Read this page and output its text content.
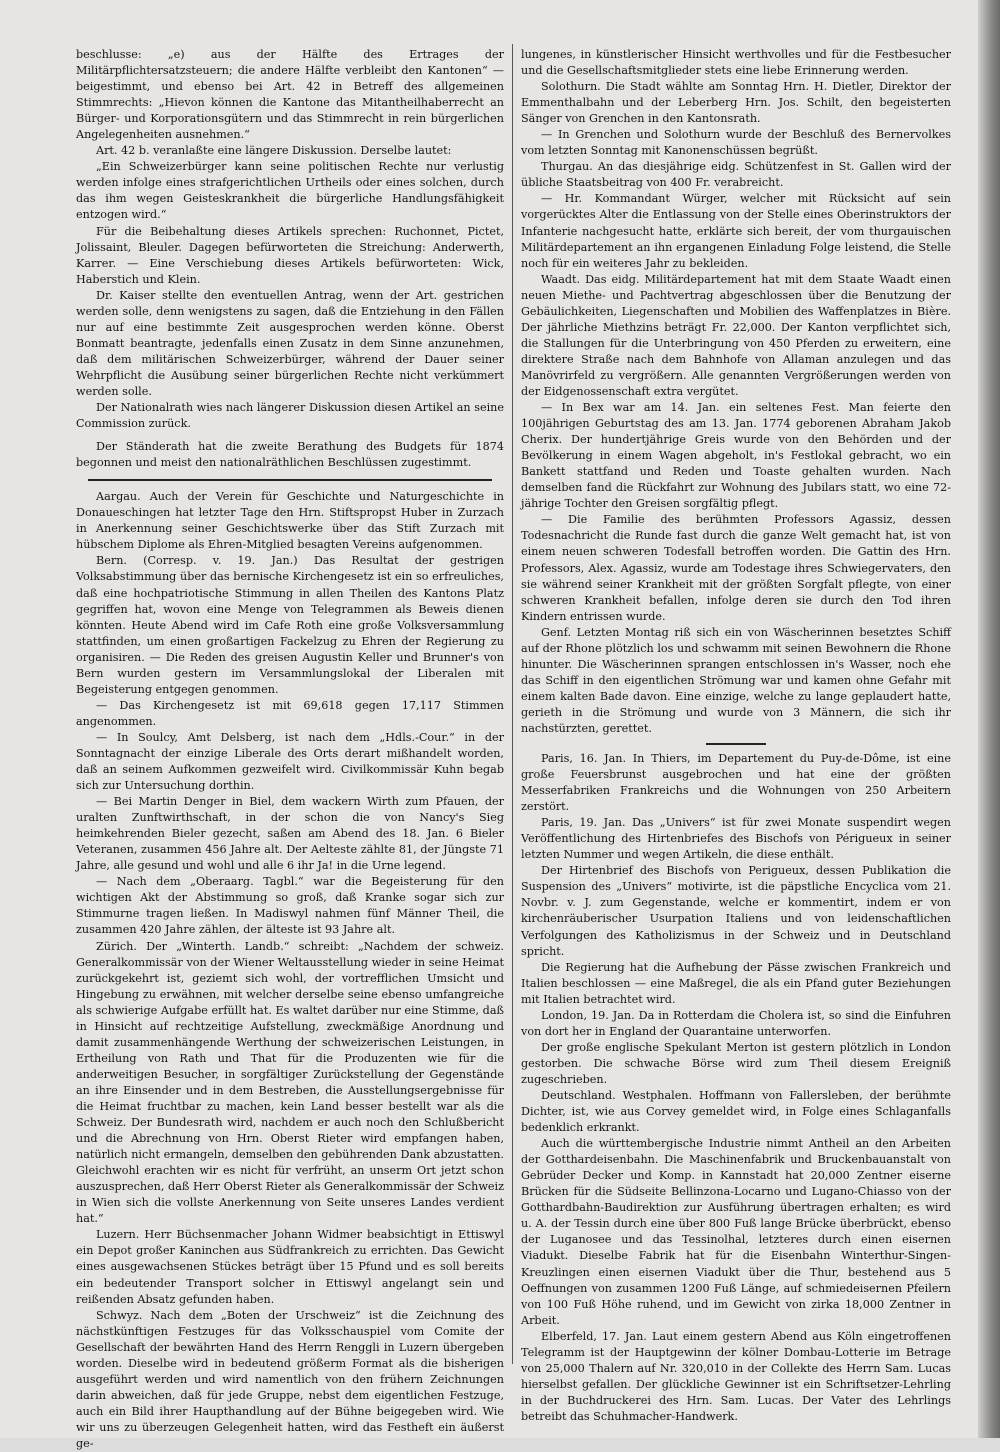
beschlusse: „e) aus der Hälfte des Ertrages der Militärpflichtersatzsteuern; die andere Hälfte verbleibt den Kantonen“ — beigestimmt, und ebenso bei Art. 42 in Betreff des allgemeinen Stimmrechts: „Hievon können die Kantone das Mitantheilhaberrecht an Bürger- und Korporationsgütern und das Stimmrecht in rein bürgerlichen Angelegenheiten ausnehmen.“

Art. 42 b. veranlaßte eine längere Diskussion. Derselbe lautet:

„Ein Schweizerbürger kann seine politischen Rechte nur verlustig werden infolge eines strafgerichtlichen Urtheils oder eines solchen, durch das ihm wegen Geisteskrankheit die bürgerliche Handlungsfähigkeit entzogen wird.“

Für die Beibehaltung dieses Artikels sprechen: Ruchonnet, Pictet, Jolissaint, Bleuler. Dagegen befürworteten die Streichung: Anderwerth, Karrer. — Eine Verschiebung dieses Artikels befürworteten: Wick, Haberstich und Klein.

Dr. Kaiser stellte den eventuellen Antrag, wenn der Art. gestrichen werden solle, denn wenigstens zu sagen, daß die Entziehung in den Fällen nur auf eine bestimmte Zeit ausgesprochen werden könne. Oberst Bonmatt beantragte, jedenfalls einen Zusatz in dem Sinne anzunehmen, daß dem militärischen Schweizerbürger, während der Dauer seiner Wehrpflicht die Ausübung seiner bürgerlichen Rechte nicht verkümmert werden solle.

Der Nationalrath wies nach längerer Diskussion diesen Artikel an seine Commission zurück.

Der Ständerath hat die zweite Berathung des Budgets für 1874 begonnen und meist den nationalräthlichen Beschlüssen zugestimmt.

Aargau. Auch der Verein für Geschichte und Naturgeschichte in Donaueschingen hat letzter Tage den Hrn. Stiftspropst Huber in Zurzach in Anerkennung seiner Geschichtswerke über das Stift Zurzach mit hübschem Diplome als Ehren-Mitglied besagten Vereins aufgenommen.

Bern. (Corresp. v. 19. Jan.) Das Resultat der gestrigen Volksabstimmung über das bernische Kirchengesetz ist ein so erfreuliches, daß eine hochpatriotische Stimmung in allen Theilen des Kantons Platz gegriffen hat, wovon eine Menge von Telegrammen als Beweis dienen könnten. Heute Abend wird im Cafe Roth eine große Volksversammlung stattfinden, um einen großartigen Fackelzug zu Ehren der Regierung zu organisiren. — Die Reden des greisen Augustin Keller und Brunner's von Bern wurden gestern im Versammlungslokal der Liberalen mit Begeisterung entgegen genommen.

— Das Kirchengesetz ist mit 69,618 gegen 17,117 Stimmen angenommen.

— In Soulcy, Amt Delsberg, ist nach dem „Hdls.-Cour.“ in der Sonntagnacht der einzige Liberale des Orts derart mißhandelt worden, daß an seinem Aufkommen gezweifelt wird. Civilkommissär Kuhn begab sich zur Untersuchung dorthin.

— Bei Martin Denger in Biel, dem wackern Wirth zum Pfauen, der uralten Zunftwirthschaft, in der schon die von Nancy's Sieg heimkehrenden Bieler gezecht, saßen am Abend des 18. Jan. 6 Bieler Veteranen, zusammen 456 Jahre alt. Der Aelteste zählte 81, der Jüngste 71 Jahre, alle gesund und wohl und alle 6 ihr Ja! in die Urne legend.

— Nach dem „Oberaarg. Tagbl.“ war die Begeisterung für den wichtigen Akt der Abstimmung so groß, daß Kranke sogar sich zur Stimmurne tragen ließen. In Madiswyl nahmen fünf Männer Theil, die zusammen 420 Jahre zählen, der älteste ist 93 Jahre alt.

Zürich. Der „Winterth. Landb.“ schreibt: „Nachdem der schweiz. Generalkommissär von der Wiener Weltausstellung wieder in seine Heimat zurückgekehrt ist, geziemt sich wohl, der vortrefflichen Umsicht und Hingebung zu erwähnen, mit welcher derselbe seine ebenso umfangreiche als schwierige Aufgabe erfüllt hat. Es waltet darüber nur eine Stimme, daß in Hinsicht auf rechtzeitige Aufstellung, zweckmäßige Anordnung und damit zusammenhängende Werthung der schweizerischen Leistungen, in Ertheilung von Rath und That für die Produzenten wie für die anderweitigen Besucher, in sorgfältiger Zurückstellung der Gegenstände an ihre Einsender und in dem Bestreben, die Ausstellungsergebnisse für die Heimat fruchtbar zu machen, kein Land besser bestellt war als die Schweiz. Der Bundesrath wird, nachdem er auch noch den Schlußbericht und die Abrechnung von Hrn. Oberst Rieter wird empfangen haben, natürlich nicht ermangeln, demselben den gebührenden Dank abzustatten. Gleichwohl erachten wir es nicht für verfrüht, an unserm Ort jetzt schon auszusprechen, daß Herr Oberst Rieter als Generalkommissär der Schweiz in Wien sich die vollste Anerkennung von Seite unseres Landes verdient hat.“

Luzern. Herr Büchsenmacher Johann Widmer beabsichtigt in Ettiswyl ein Depot großer Kaninchen aus Südfrankreich zu errichten. Das Gewicht eines ausgewachsenen Stückes beträgt über 15 Pfund und es soll bereits ein bedeutender Transport solcher in Ettiswyl angelangt sein und reißenden Absatz gefunden haben.

Schwyz. Nach dem „Boten der Urschweiz“ ist die Zeichnung des nächstkünftigen Festzuges für das Volksschauspiel vom Comite der Gesellschaft der bewährten Hand des Herrn Renggli in Luzern übergeben worden. Dieselbe wird in bedeutend größerm Format als die bisherigen ausgeführt werden und wird namentlich von den frühern Zeichnungen darin abweichen, daß für jede Gruppe, nebst dem eigentlichen Festzuge, auch ein Bild ihrer Haupthandlung auf der Bühne beigegeben wird. Wie wir uns zu überzeugen Gelegenheit hatten, wird das Festheft ein äußerst ge-

lungenes, in künstlerischer Hinsicht werthvolles und für die Festbesucher und die Gesellschaftsmitglieder stets eine liebe Erinnerung werden.

Solothurn. Die Stadt wählte am Sonntag Hrn. H. Dietler, Direktor der Emmenthalbahn und der Leberberg Hrn. Jos. Schilt, den begeisterten Sänger von Grenchen in den Kantonsrath.

— In Grenchen und Solothurn wurde der Beschluß des Bernervolkes vom letzten Sonntag mit Kanonenschüssen begrüßt.

Thurgau. An das diesjährige eidg. Schützenfest in St. Gallen wird der übliche Staatsbeitrag von 400 Fr. verabreicht.

— Hr. Kommandant Würger, welcher mit Rücksicht auf sein vorgerücktes Alter die Entlassung von der Stelle eines Oberinstruktors der Infanterie nachgesucht hatte, erklärte sich bereit, der vom thurgauischen Militärdepartement an ihn ergangenen Einladung Folge leistend, die Stelle noch für ein weiteres Jahr zu bekleiden.

Waadt. Das eidg. Militärdepartement hat mit dem Staate Waadt einen neuen Miethe- und Pachtvertrag abgeschlossen über die Benutzung der Gebäulichkeiten, Liegenschaften und Mobilien des Waffenplatzes in Bière. Der jährliche Miethzins beträgt Fr. 22,000. Der Kanton verpflichtet sich, die Stallungen für die Unterbringung von 450 Pferden zu erweitern, eine direktere Straße nach dem Bahnhofe von Allaman anzulegen und das Manövrirfeld zu vergrößern. Alle genannten Vergrößerungen werden von der Eidgenossenschaft extra vergütet.

— In Bex war am 14. Jan. ein seltenes Fest. Man feierte den 100jährigen Geburtstag des am 13. Jan. 1774 geborenen Abraham Jakob Cherix. Der hundertjährige Greis wurde von den Behörden und der Bevölkerung in einem Wagen abgeholt, in's Festlokal gebracht, wo ein Bankett stattfand und Reden und Toaste gehalten wurden. Nach demselben fand die Rückfahrt zur Wohnung des Jubilars statt, wo eine 72-jährige Tochter den Greisen sorgfältig pflegt.

— Die Familie des berühmten Professors Agassiz, dessen Todesnachricht die Runde fast durch die ganze Welt gemacht hat, ist von einem neuen schweren Todesfall betroffen worden. Die Gattin des Hrn. Professors, Alex. Agassiz, wurde am Todestage ihres Schwiegervaters, den sie während seiner Krankheit mit der größten Sorgfalt pflegte, von einer schweren Krankheit befallen, infolge deren sie durch den Tod ihren Kindern entrissen wurde.

Genf. Letzten Montag riß sich ein von Wäscherinnen besetztes Schiff auf der Rhone plötzlich los und schwamm mit seinen Bewohnern die Rhone hinunter. Die Wäscherinnen sprangen entschlossen in's Wasser, noch ehe das Schiff in den eigentlichen Strömung war und kamen ohne Gefahr mit einem kalten Bade davon. Eine einzige, welche zu lange geplaudert hatte, gerieth in die Strömung und wurde von 3 Männern, die sich ihr nachstürzten, gerettet.

Paris, 16. Jan. In Thiers, im Departement du Puy-de-Dôme, ist eine große Feuersbrunst ausgebrochen und hat eine der größten Messerfabriken Frankreichs und die Wohnungen von 250 Arbeitern zerstört.

Paris, 19. Jan. Das „Univers“ ist für zwei Monate suspendirt wegen Veröffentlichung des Hirtenbriefes des Bischofs von Périgueux in seiner letzten Nummer und wegen Artikeln, die diese enthält.

Der Hirtenbrief des Bischofs von Perigueux, dessen Publikation die Suspension des „Univers“ motivirte, ist die päpstliche Encyclica vom 21. Novbr. v. J. zum Gegenstande, welche er kommentirt, indem er von kirchenräuberischer Usurpation Italiens und von leidenschaftlichen Verfolgungen des Katholizismus in der Schweiz und in Deutschland spricht.

Die Regierung hat die Aufhebung der Pässe zwischen Frankreich und Italien beschlossen — eine Maßregel, die als ein Pfand guter Beziehungen mit Italien betrachtet wird.

London, 19. Jan. Da in Rotterdam die Cholera ist, so sind die Einfuhren von dort her in England der Quarantaine unterworfen.

Der große englische Spekulant Merton ist gestern plötzlich in London gestorben. Die schwache Börse wird zum Theil diesem Ereigniß zugeschrieben.

Deutschland. Westphalen. Hoffmann von Fallersleben, der berühmte Dichter, ist, wie aus Corvey gemeldet wird, in Folge eines Schlaganfalls bedenklich erkrankt.

Auch die württembergische Industrie nimmt Antheil an den Arbeiten der Gotthardeisenbahn. Die Maschinenfabrik und Bruckenbauanstalt von Gebrüder Decker und Komp. in Kannstadt hat 20,000 Zentner eiserne Brücken für die Südseite Bellinzona-Locarno und Lugano-Chiasso von der Gotthardbahn-Baudirektion zur Ausführung übertragen erhalten; es wird u. A. der Tessin durch eine über 800 Fuß lange Brücke überbrückt, ebenso der Luganosee und das Tessinolhal, letzteres durch einen eisernen Viadukt. Dieselbe Fabrik hat für die Eisenbahn Winterthur-Singen-Kreuzlingen einen eisernen Viadukt über die Thur, bestehend aus 5 Oeffnungen von zusammen 1200 Fuß Länge, auf schmiedeisernen Pfeilern von 100 Fuß Höhe ruhend, und im Gewicht von zirka 18,000 Zentner in Arbeit.

Elberfeld, 17. Jan. Laut einem gestern Abend aus Köln eingetroffenen Telegramm ist der Hauptgewinn der kölner Dombau-Lotterie im Betrage von 25,000 Thalern auf Nr. 320,010 in der Collekte des Herrn Sam. Lucas hierselbst gefallen. Der glückliche Gewinner ist ein Schriftsetzer-Lehrling in der Buchdruckerei des Hrn. Sam. Lucas. Der Vater des Lehrlings betreibt das Schuhmacher-Handwerk.
